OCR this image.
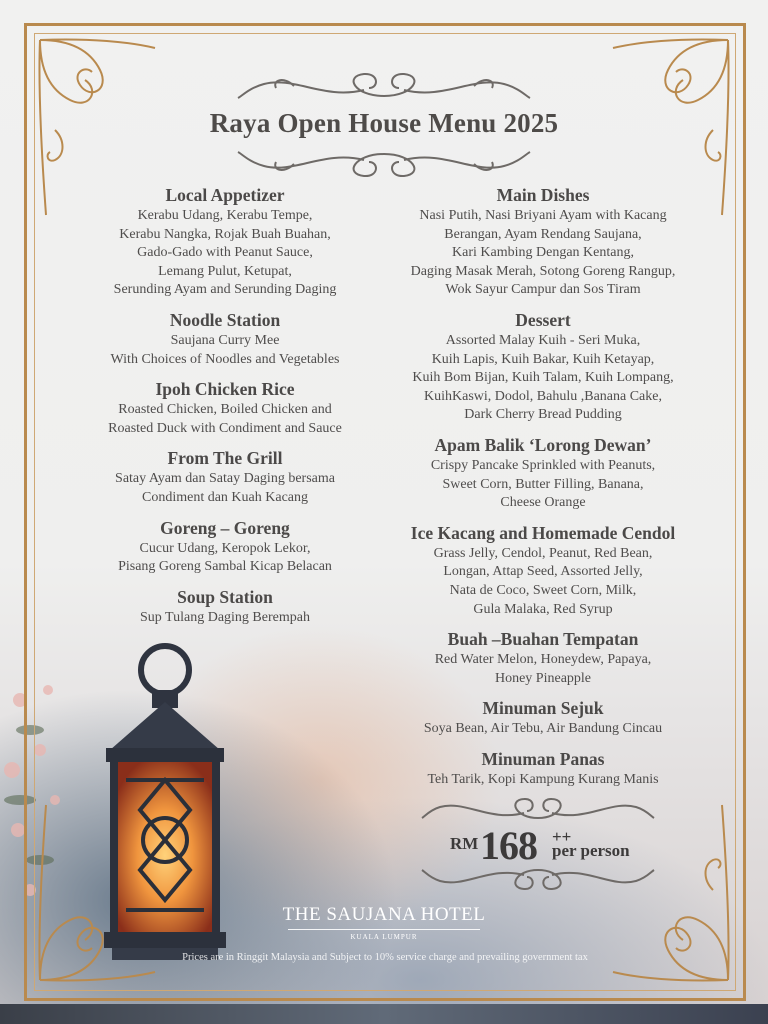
Raya Open House Menu 2025
Local Appetizer
Kerabu Udang, Kerabu Tempe,
Kerabu Nangka, Rojak Buah Buahan,
Gado-Gado with Peanut Sauce,
Lemang Pulut, Ketupat,
Serunding Ayam and Serunding Daging
Noodle Station
Saujana Curry Mee
With Choices of Noodles and Vegetables
Ipoh Chicken Rice
Roasted Chicken, Boiled Chicken and
Roasted Duck with Condiment and Sauce
From The Grill
Satay Ayam dan Satay Daging bersama
Condiment dan Kuah Kacang
Goreng – Goreng
Cucur Udang, Keropok Lekor,
Pisang Goreng Sambal Kicap Belacan
Soup Station
Sup Tulang Daging Berempah
Main Dishes
Nasi Putih, Nasi Briyani Ayam with Kacang
Berangan, Ayam Rendang Saujana,
Kari Kambing Dengan Kentang,
Daging Masak Merah, Sotong Goreng Rangup,
Wok Sayur Campur dan Sos Tiram
Dessert
Assorted Malay Kuih - Seri Muka,
Kuih Lapis, Kuih Bakar, Kuih Ketayap,
Kuih Bom Bijan, Kuih Talam, Kuih Lompang,
KuihKaswi, Dodol, Bahulu ,Banana Cake,
Dark Cherry Bread Pudding
Apam Balik ‘Lorong Dewan’
Crispy Pancake Sprinkled with Peanuts,
Sweet Corn, Butter Filling, Banana,
Cheese Orange
Ice Kacang and Homemade Cendol
Grass Jelly, Cendol, Peanut, Red Bean,
Longan, Attap Seed, Assorted Jelly,
Nata de Coco, Sweet Corn, Milk,
Gula Malaka, Red Syrup
Buah –Buahan Tempatan
Red Water Melon, Honeydew, Papaya,
Honey Pineapple
Minuman Sejuk
Soya Bean, Air Tebu, Air Bandung Cincau
Minuman Panas
Teh Tarik, Kopi Kampung Kurang Manis
RM 168 ++
per person
THE SAUJANA HOTEL
KUALA LUMPUR
Prices are in Ringgit Malaysia and Subject to 10% service charge and prevailing government tax
